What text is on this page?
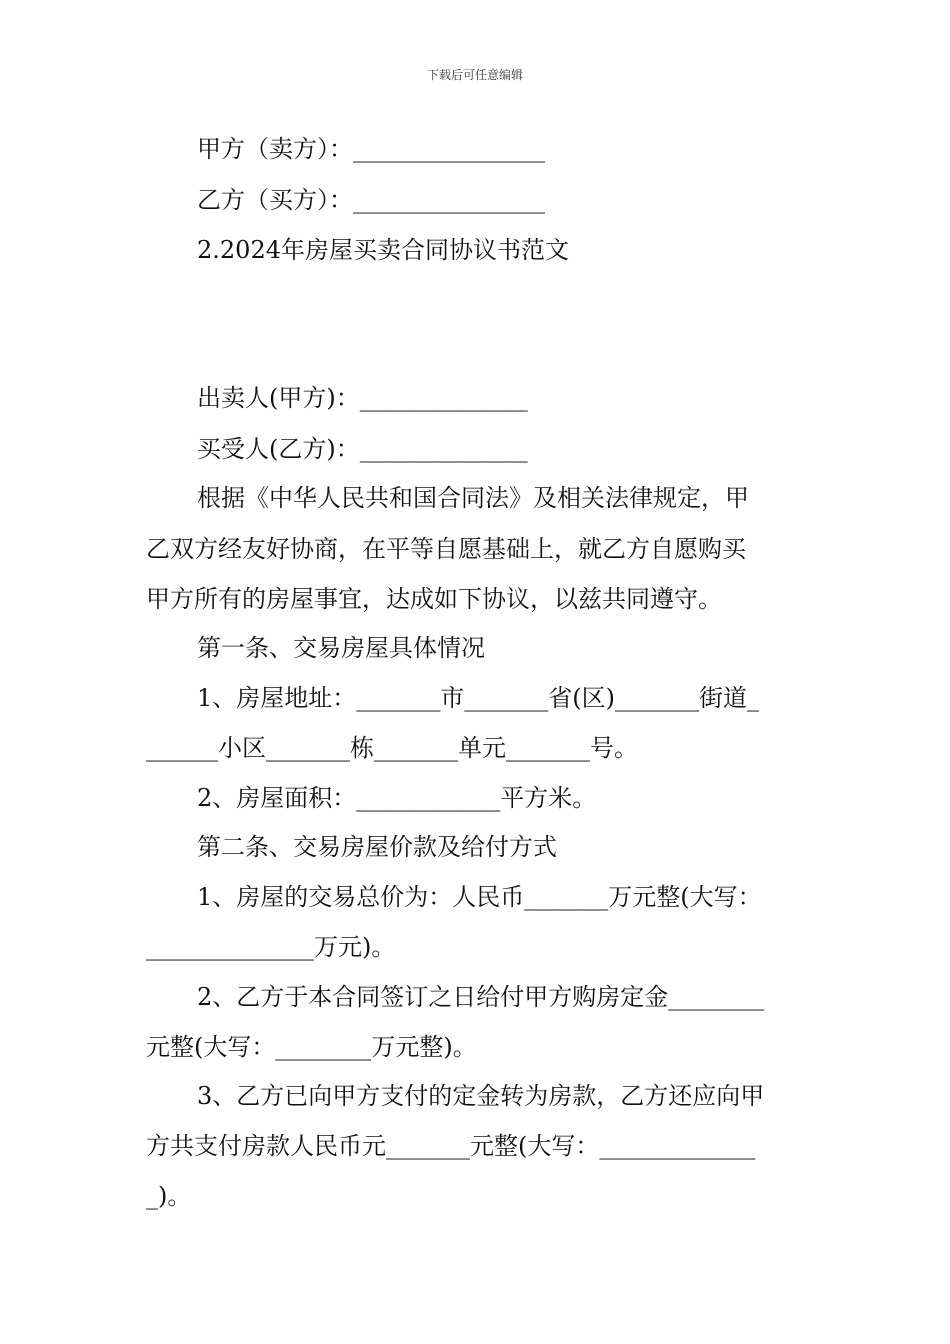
下载后可任意编辑
甲方（卖方）：________________
乙方（买方）：________________
2.2024年房屋买卖合同协议书范文
出卖人(甲方)：______________
买受人(乙方)：______________
根据《中华人民共和国合同法》及相关法律规定，甲
乙双方经友好协商，在平等自愿基础上，就乙方自愿购买
甲方所有的房屋事宜，达成如下协议，以兹共同遵守。
第一条、交易房屋具体情况
1、房屋地址：_______市_______省(区)_______街道_
______小区_______栋_______单元_______号。
2、房屋面积：____________平方米。
第二条、交易房屋价款及给付方式
1、房屋的交易总价为：人民币_______万元整(大写：
______________万元)。
2、乙方于本合同签订之日给付甲方购房定金________
元整(大写：________万元整)。
3、乙方已向甲方支付的定金转为房款，乙方还应向甲
方共支付房款人民币元_______元整(大写：_____________
_)。
